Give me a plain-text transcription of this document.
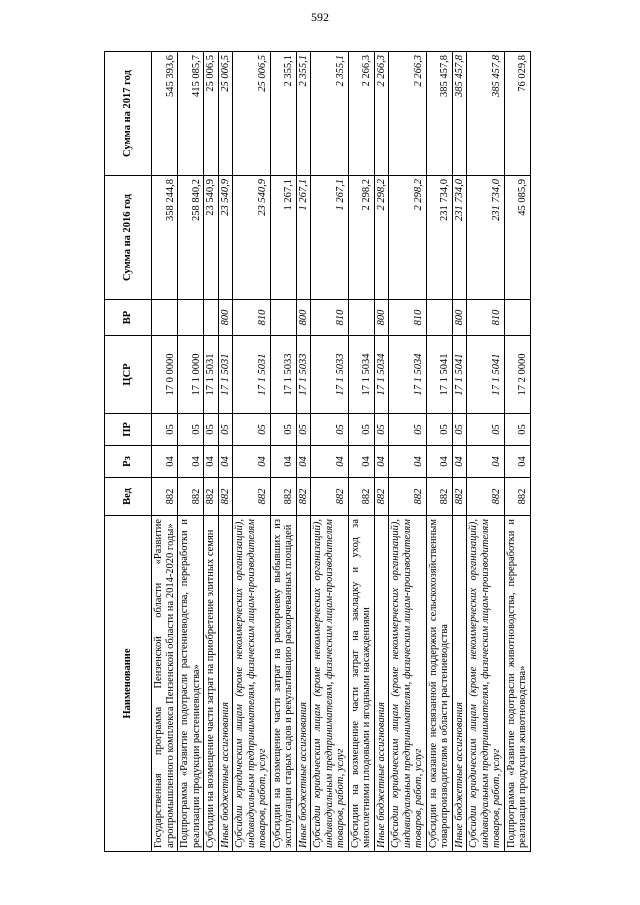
592
Наименование	Вед	Рз	ПР	ЦСР	ВР	Сумма на 2016 год	Сумма на 2017 год
Государственная программа Пензенской области «Развитие агропромышленного комплекса Пензенской области на 2014-2020 годы»	882	04	05	17 0 0000		358 244,8	545 393,6
Подпрограмма «Развитие подотрасли растениеводства, переработки и реализации продукции растениеводства»	882	04	05	17 1 0000		258 840,2	415 085,7
Субсидии на возмещение части затрат на приобретение элитных семян	882	04	05	17 1 5031		23 540,9	25 006,5
Иные бюджетные ассигнования	882	04	05	17 1 5031	800	23 540,9	25 006,5
Субсидии юридическим лицам (кроме некоммерческих организаций), индивидуальным предпринимателям, физическим лицам-производителям товаров, работ, услуг	882	04	05	17 1 5031	810	23 540,9	25 006,5
Субсидии на возмещение части затрат на раскорчевку выбывших из эксплуатации старых садов и рекультивацию раскорчеванных площадей	882	04	05	17 1 5033		1 267,1	2 355,1
Иные бюджетные ассигнования	882	04	05	17 1 5033	800	1 267,1	2 355,1
Субсидии юридическим лицам (кроме некоммерческих организаций), индивидуальным предпринимателям, физическим лицам-производителям товаров, работ, услуг	882	04	05	17 1 5033	810	1 267,1	2 355,1
Субсидии на возмещение части затрат на закладку и уход за многолетними плодовыми и ягодными насаждениями	882	04	05	17 1 5034		2 298,2	2 266,3
Иные бюджетные ассигнования	882	04	05	17 1 5034	800	2 298,2	2 266,3
Субсидии юридическим лицам (кроме некоммерческих организаций), индивидуальным предпринимателям, физическим лицам-производителям товаров, работ, услуг	882	04	05	17 1 5034	810	2 298,2	2 266,3
Субсидии на оказание несвязанной поддержки сельскохозяйственным товаропроизводителям в области растениеводства	882	04	05	17 1 5041		231 734,0	385 457,8
Иные бюджетные ассигнования	882	04	05	17 1 5041	800	231 734,0	385 457,8
Субсидии юридическим лицам (кроме некоммерческих организаций), индивидуальным предпринимателям, физическим лицам-производителям товаров, работ, услуг	882	04	05	17 1 5041	810	231 734,0	385 457,8
Подпрограмма «Развитие подотрасли животноводства, переработки и реализации продукции животноводства»	882	04	05	17 2 0000		45 085,9	76 029,8
